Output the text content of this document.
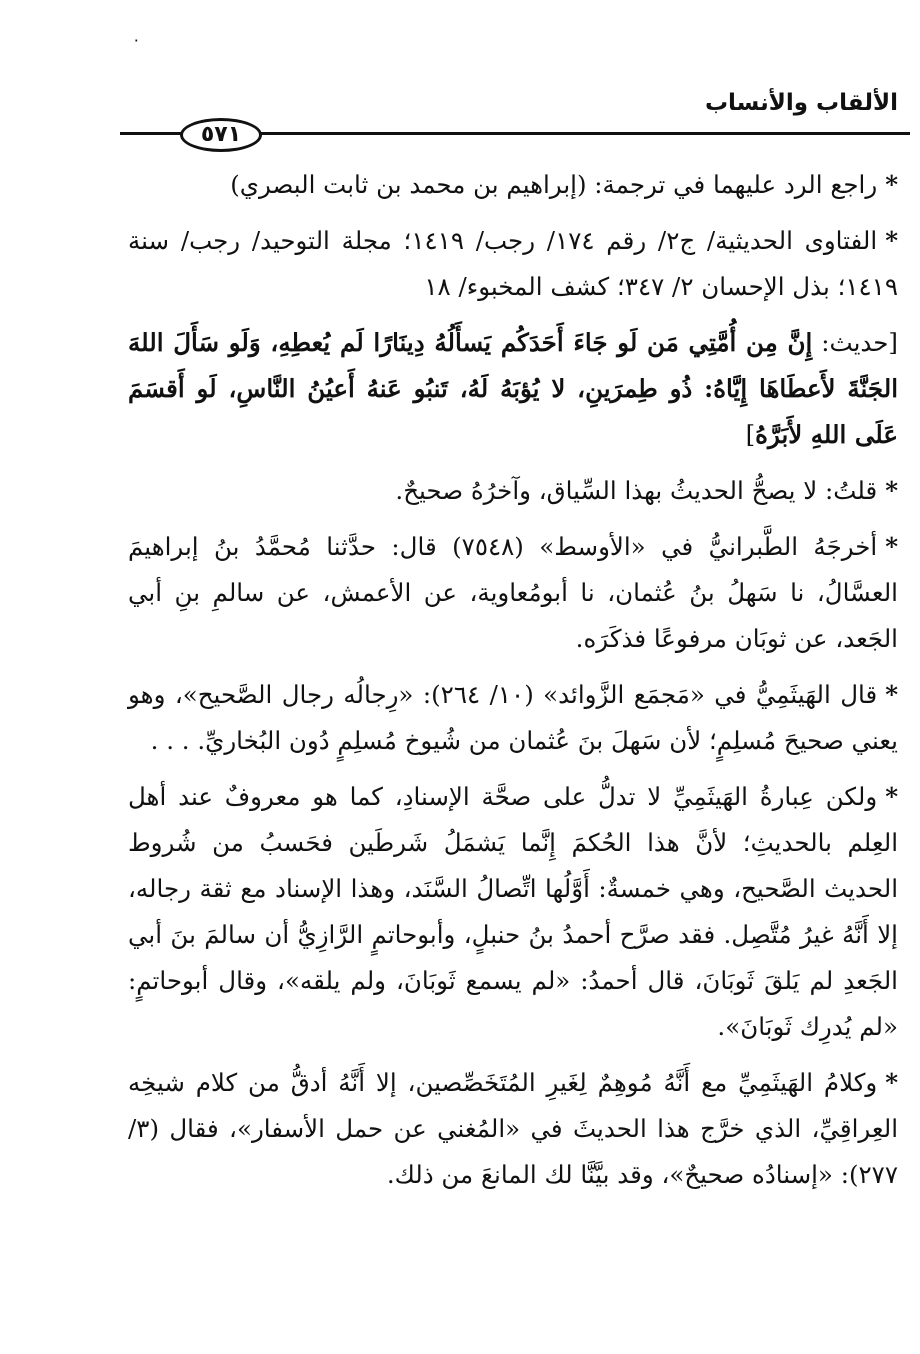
٠
الألقاب والأنساب
٥٧١

*راجع الرد عليهما في ترجمة: (إبراهيم بن محمد بن ثابت البصري)

*الفتاوى الحديثية/ ج٢/ رقم ١٧٤/ رجب/ ١٤١٩؛ مجلة التوحيد/ رجب/ سنة ١٤١٩؛ بذل الإحسان ٢/ ٣٤٧؛ كشف المخبوء/ ١٨

[حديث: إِنَّ مِن أُمَّتِي مَن لَو جَاءَ أَحَدَكُم يَسأَلُهُ دِينَارًا لَم يُعطِهِ، وَلَو سَأَلَ اللهَ الجَنَّةَ لأَعطَاهَا إِيَّاهُ: ذُو طِمرَينِ، لا يُؤبَهُ لَهُ، تَنبُو عَنهُ أَعيُنُ النَّاسِ، لَو أَقسَمَ عَلَى اللهِ لأَبَرَّهُ]

*قلتُ: لا يصحُّ الحديثُ بهذا السِّياق، وآخرُهُ صحيحٌ.

*أخرجَهُ الطَّبرانيُّ في «الأوسط» (٧٥٤٨) قال: حدَّثنا مُحمَّدُ بنُ إبراهيمَ العسَّالُ، نا سَهلُ بنُ عُثمان، نا أبومُعاوية، عن الأعمش، عن سالمِ بنِ أبي الجَعد، عن ثوبَان مرفوعًا فذكَرَه.

*قال الهَيثَمِيُّ في «مَجمَع الزَّوائد» (١٠/ ٢٦٤): «رِجالُه رجال الصَّحيح»، وهو يعني صحيحَ مُسلِمٍ؛ لأن سَهلَ بنَ عُثمان من شُيوخ مُسلِمٍ دُون البُخاريِّ. . . .

*ولكن عِبارةُ الهَيثَمِيِّ لا تدلُّ على صحَّة الإسنادِ، كما هو معروفٌ عند أهل العِلم بالحديثِ؛ لأنَّ هذا الحُكمَ إِنَّما يَشمَلُ شَرطَين فحَسبُ من شُروط الحديث الصَّحيح، وهي خمسةٌ: أَوَّلُها اتِّصالُ السَّنَد، وهذا الإسناد مع ثقة رجاله، إلا أَنَّهُ غيرُ مُتَّصِل. فقد صرَّح أحمدُ بنُ حنبلٍ، وأبوحاتمٍ الرَّازِيُّ أن سالمَ بنَ أبي الجَعدِ لم يَلقَ ثَوبَانَ، قال أحمدُ: «لم يسمع ثَوبَانَ، ولم يلقه»، وقال أبوحاتمٍ: «لم يُدرِك ثَوبَانَ».

*وكلامُ الهَيثَمِيِّ مع أَنَّهُ مُوهِمٌ لِغَيرِ المُتَخَصِّصين، إلا أَنَّهُ أدقُّ من كلام شيخِه العِراقِيِّ، الذي خرَّج هذا الحديثَ في «المُغني عن حمل الأسفار»، فقال (٣/ ٢٧٧): «إسنادُه صحيحٌ»، وقد بيَّنَّا لك المانعَ من ذلك.
